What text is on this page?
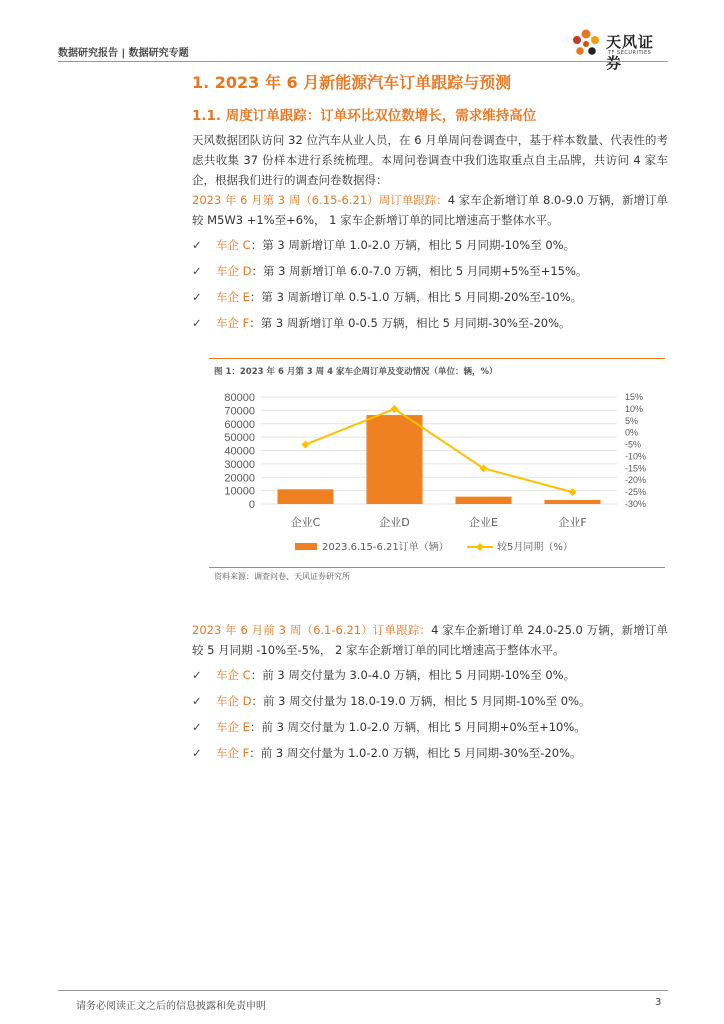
数据研究报告 | 数据研究专题
天风证券
TF SECURITIES
1. 2023 年 6 月新能源汽车订单跟踪与预测
1.1. 周度订单跟踪：订单环比双位数增长，需求维持高位
天风数据团队访问 32 位汽车从业人员，在 6 月单周问卷调查中，基于样本数量、代表性的考虑共收集 37 份样本进行系统梳理。本周问卷调查中我们选取重点自主品牌，共访问 4 家车企，根据我们进行的调查问卷数据得：
2023 年 6 月第 3 周（6.15-6.21）周订单跟踪：4 家车企新增订单 8.0-9.0 万辆，新增订单较 M5W3 +1%至+6%， 1 家车企新增订单的同比增速高于整体水平。
✓ 车企 C：第 3 周新增订单 1.0-2.0 万辆，相比 5 月同期-10%至 0%。
✓ 车企 D：第 3 周新增订单 6.0-7.0 万辆，相比 5 月同期+5%至+15%。
✓ 车企 E：第 3 周新增订单 0.5-1.0 万辆，相比 5 月同期-20%至-10%。
✓ 车企 F：第 3 周新增订单 0-0.5 万辆，相比 5 月同期-30%至-20%。
图 1：2023 年 6 月第 3 周 4 家车企周订单及变动情况（单位：辆，%）
0
10000
20000
30000
40000
50000
60000
70000
80000	15%
10%
5%
0%
-5%
-10%
-15%
-20%
-25%
-30%
企业C	企业D	企业E	企业F
2023.6.15-6.21订单（辆）	较5月同期（%）
资料来源：调查问卷、天风证券研究所
2023 年 6 月前 3 周（6.1-6.21）订单跟踪：4 家车企新增订单 24.0-25.0 万辆，新增订单较 5 月同期 -10%至-5%， 2 家车企新增订单的同比增速高于整体水平。
✓ 车企 C：前 3 周交付量为 3.0-4.0 万辆，相比 5 月同期-10%至 0%。
✓ 车企 D：前 3 周交付量为 18.0-19.0 万辆，相比 5 月同期-10%至 0%。
✓ 车企 E：前 3 周交付量为 1.0-2.0 万辆，相比 5 月同期+0%至+10%。
✓ 车企 F：前 3 周交付量为 1.0-2.0 万辆，相比 5 月同期-30%至-20%。
请务必阅读正文之后的信息披露和免责申明	3
